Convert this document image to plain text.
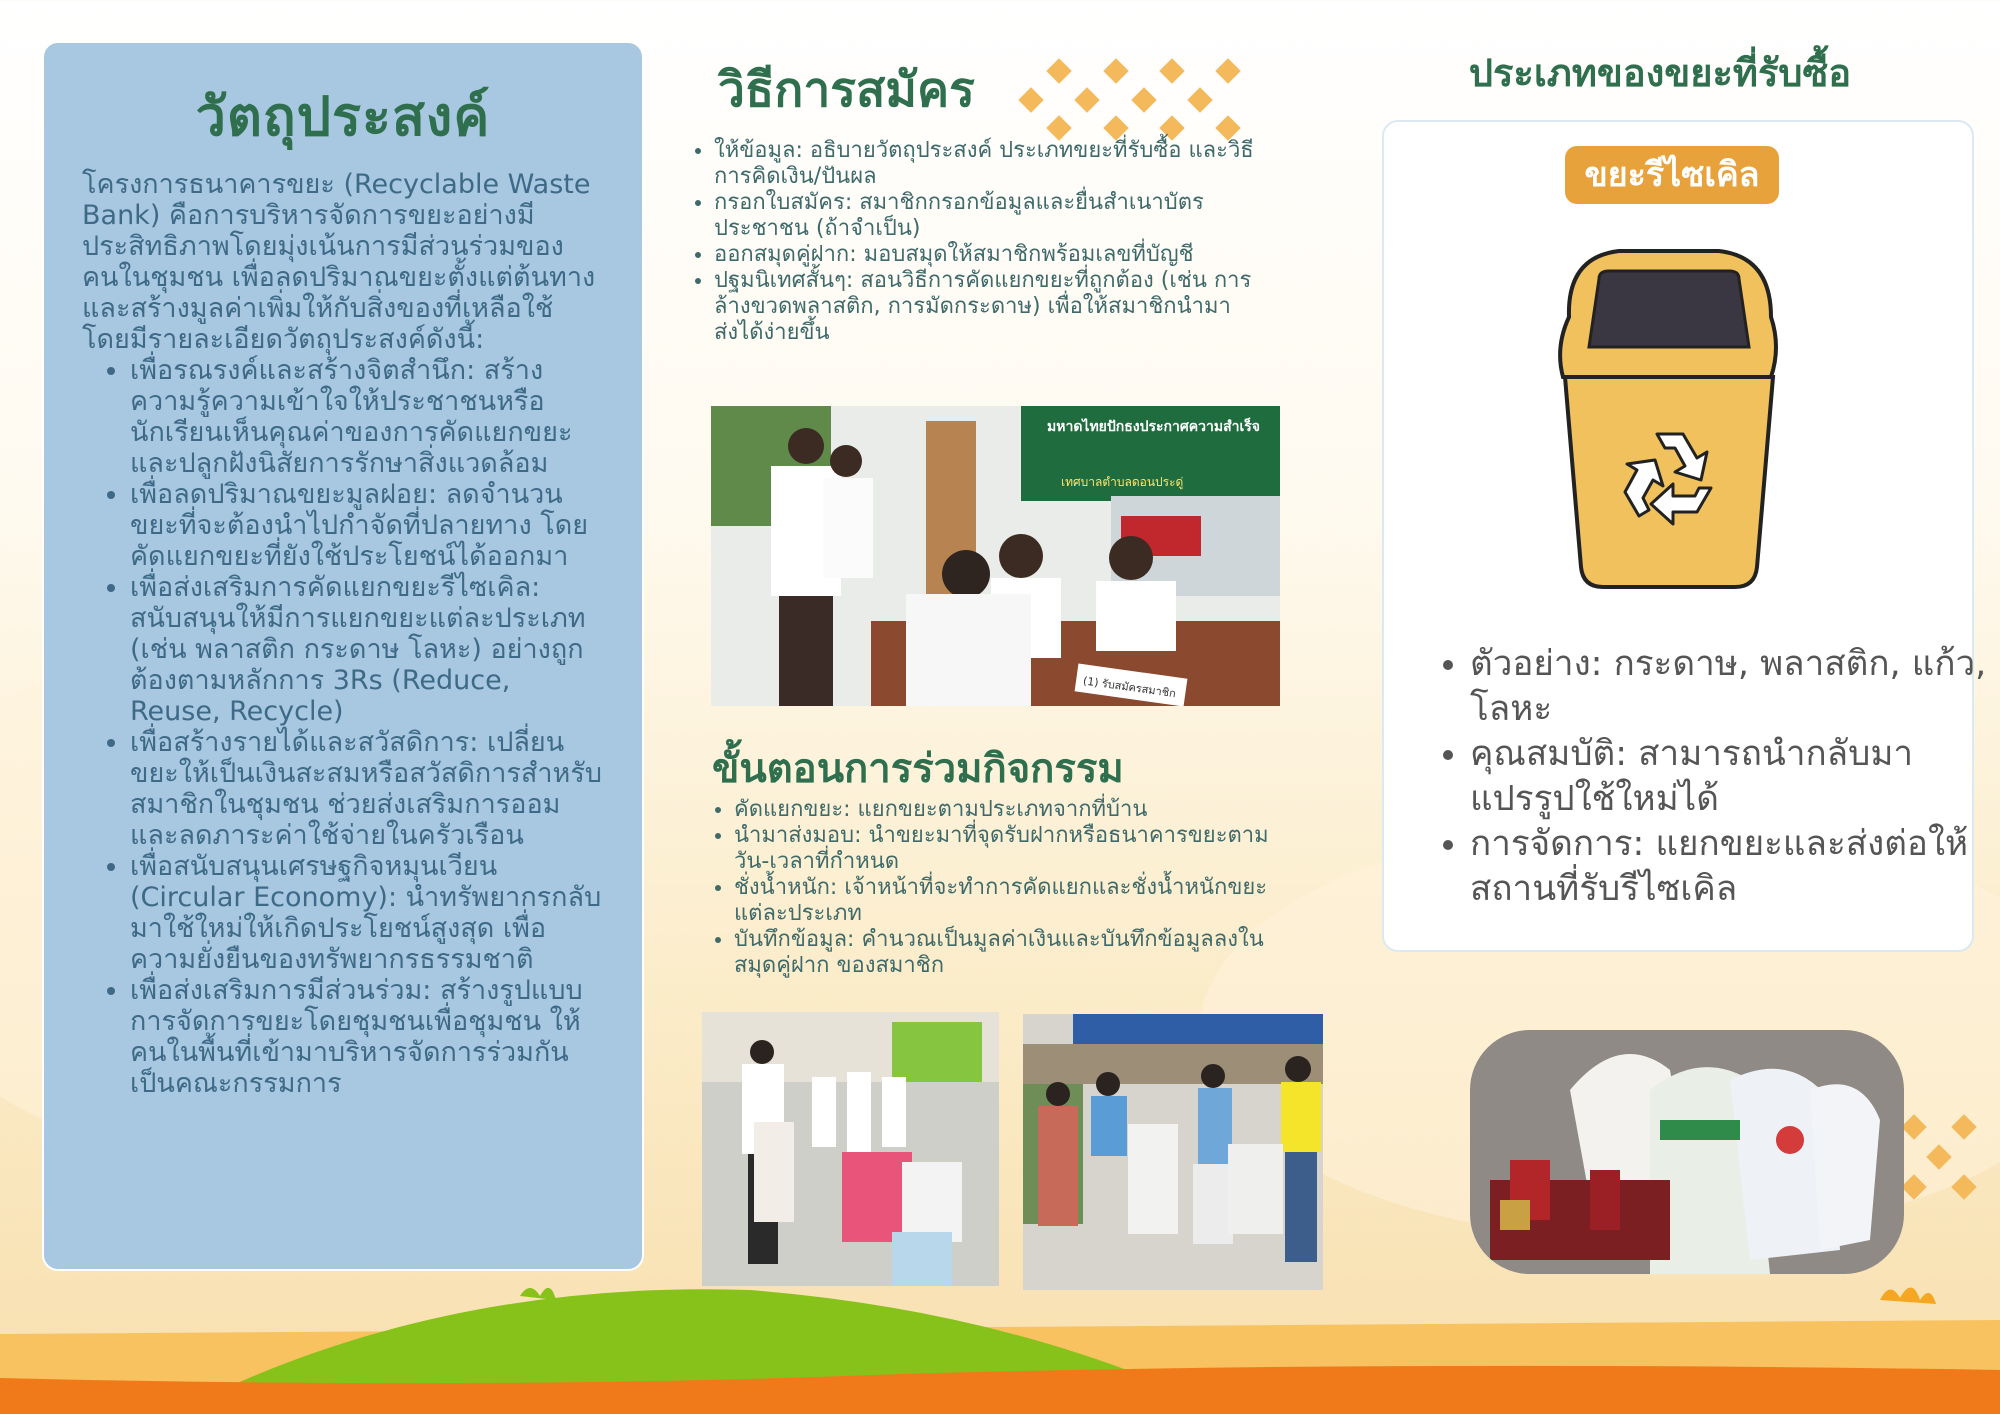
วัตถุประสงค์

โครงการธนาคารขยะ (Recyclable Waste Bank) คือการบริหารจัดการขยะอย่างมีประสิทธิภาพโดยมุ่งเน้นการมีส่วนร่วมของคนในชุมชน เพื่อลดปริมาณขยะตั้งแต่ต้นทางและสร้างมูลค่าเพิ่มให้กับสิ่งของที่เหลือใช้ โดยมีรายละเอียดวัตถุประสงค์ดังนี้:

• เพื่อรณรงค์และสร้างจิตสำนึก: สร้างความรู้ความเข้าใจให้ประชาชนหรือนักเรียนเห็นคุณค่าของการคัดแยกขยะ และปลูกฝังนิสัยการรักษาสิ่งแวดล้อม
• เพื่อลดปริมาณขยะมูลฝอย: ลดจำนวนขยะที่จะต้องนำไปกำจัดที่ปลายทาง โดยคัดแยกขยะที่ยังใช้ประโยชน์ได้ออกมา
• เพื่อส่งเสริมการคัดแยกขยะรีไซเคิล: สนับสนุนให้มีการแยกขยะแต่ละประเภท (เช่น พลาสติก กระดาษ โลหะ) อย่างถูกต้องตามหลักการ 3Rs (Reduce, Reuse, Recycle)
• เพื่อสร้างรายได้และสวัสดิการ: เปลี่ยนขยะให้เป็นเงินสะสมหรือสวัสดิการสำหรับสมาชิกในชุมชน ช่วยส่งเสริมการออมและลดภาระค่าใช้จ่ายในครัวเรือน
• เพื่อสนับสนุนเศรษฐกิจหมุนเวียน (Circular Economy): นำทรัพยากรกลับมาใช้ใหม่ให้เกิดประโยชน์สูงสุด เพื่อความยั่งยืนของทรัพยากรธรรมชาติ
• เพื่อส่งเสริมการมีส่วนร่วม: สร้างรูปแบบการจัดการขยะโดยชุมชนเพื่อชุมชน ให้คนในพื้นที่เข้ามาบริหารจัดการร่วมกันเป็นคณะกรรมการ
วิธีการสมัคร
• ให้ข้อมูล: อธิบายวัตถุประสงค์ ประเภทขยะที่รับซื้อ และวิธีการคิดเงิน/ปันผล
• กรอกใบสมัคร: สมาชิกกรอกข้อมูลและยื่นสำเนาบัตรประชาชน (ถ้าจำเป็น)
• ออกสมุดคู่ฝาก: มอบสมุดให้สมาชิกพร้อมเลขที่บัญชี
• ปฐมนิเทศสั้นๆ: สอนวิธีการคัดแยกขยะที่ถูกต้อง (เช่น การล้างขวดพลาสติก, การมัดกระดาษ) เพื่อให้สมาชิกนำมาส่งได้ง่ายขึ้น
มหาดไทยปักธงประกาศความสำเร็จ
เทศบาลตำบลดอนประดู่
(1) รับสมัครสมาชิก
ขั้นตอนการร่วมกิจกรรม
• คัดแยกขยะ: แยกขยะตามประเภทจากที่บ้าน
• นำมาส่งมอบ: นำขยะมาที่จุดรับฝากหรือธนาคารขยะตามวัน-เวลาที่กำหนด
• ชั่งน้ำหนัก: เจ้าหน้าที่จะทำการคัดแยกและชั่งน้ำหนักขยะแต่ละประเภท
• บันทึกข้อมูล: คำนวณเป็นมูลค่าเงินและบันทึกข้อมูลลงใน สมุดคู่ฝาก ของสมาชิก
ประเภทของขยะที่รับซื้อ
ขยะรีไซเคิล
• ตัวอย่าง: กระดาษ, พลาสติก, แก้ว, โลหะ
• คุณสมบัติ: สามารถนำกลับมาแปรรูปใช้ใหม่ได้
• การจัดการ: แยกขยะและส่งต่อให้สถานที่รับรีไซเคิล
